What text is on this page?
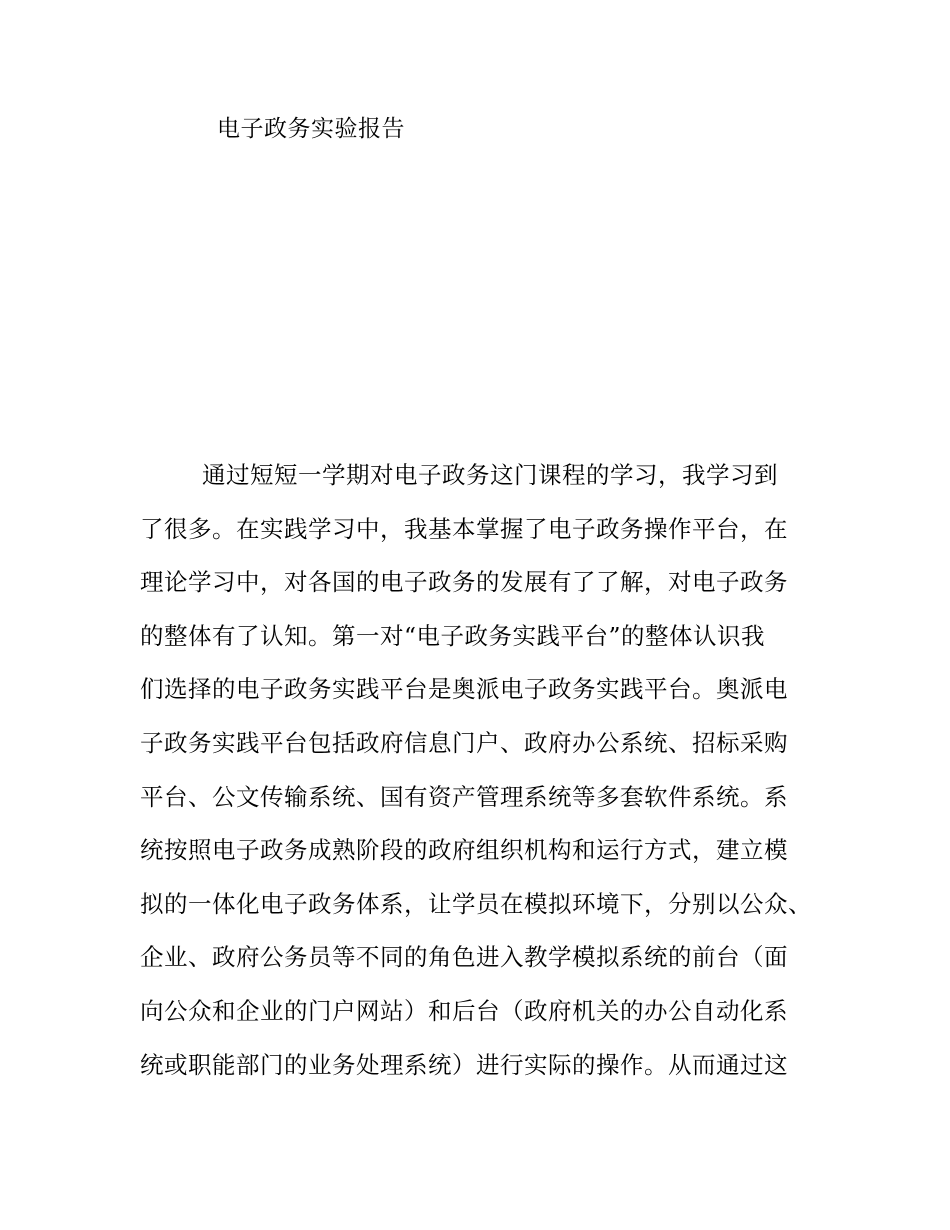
电子政务实验报告
通过短短一学期对电子政务这门课程的学习，我学习到
了很多。在实践学习中，我基本掌握了电子政务操作平台，在
理论学习中，对各国的电子政务的发展有了了解，对电子政务
的整体有了认知。第一对“电子政务实践平台”的整体认识我
们选择的电子政务实践平台是奥派电子政务实践平台。奥派电
子政务实践平台包括政府信息门户、政府办公系统、招标采购
平台、公文传输系统、国有资产管理系统等多套软件系统。系
统按照电子政务成熟阶段的政府组织机构和运行方式，建立模
拟的一体化电子政务体系，让学员在模拟环境下，分别以公众、
企业、政府公务员等不同的角色进入教学模拟系统的前台（面
向公众和企业的门户网站）和后台（政府机关的办公自动化系
统或职能部门的业务处理系统）进行实际的操作。从而通过这
